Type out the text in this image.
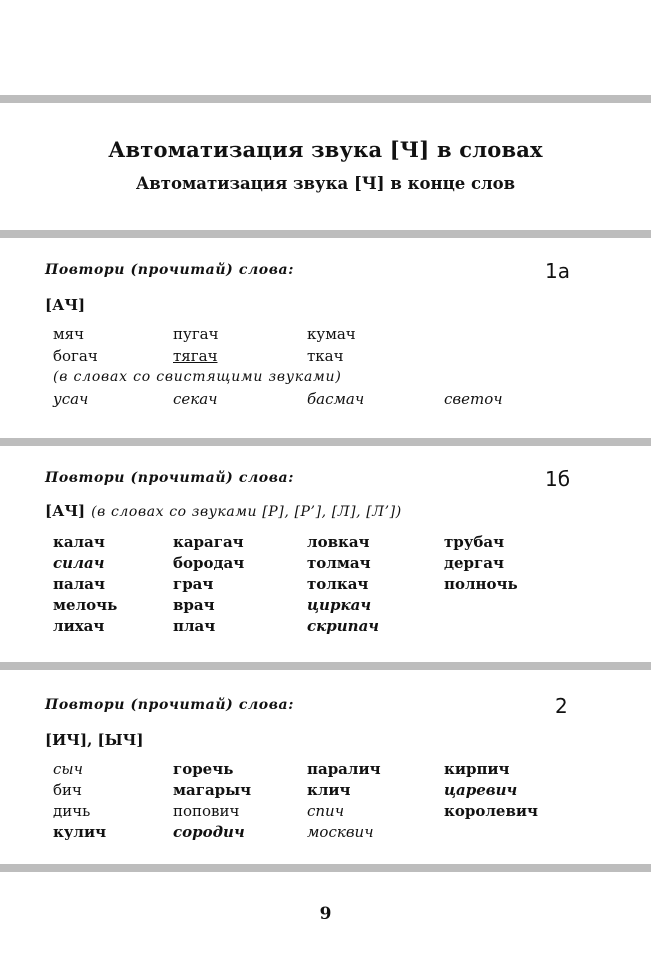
Автоматизация звука [Ч] в словах
Автоматизация звука [Ч] в конце слов
Повтори (прочитай) слова:	1а
[АЧ]
мяч	пугач	кумач
богач	тягач	ткач
(в словах со свистящими звуками)
усач	секач	басмач	светоч
Повтори (прочитай) слова:	1б
[АЧ] (в словах со звуками [Р], [Р’], [Л], [Л’])
калач	карагач	ловкач	трубач
силач	бородач	толмач	дергач
палач	грач	толкач	полночь
мелочь	врач	циркач
лихач	плач	скрипач
Повтори (прочитай) слова:	2
[ИЧ], [ЫЧ]
сыч	горечь	паралич	кирпич
бич	магарыч	клич	царевич
дичь	попович	спич	королевич
кулич	сородич	москвич
9
